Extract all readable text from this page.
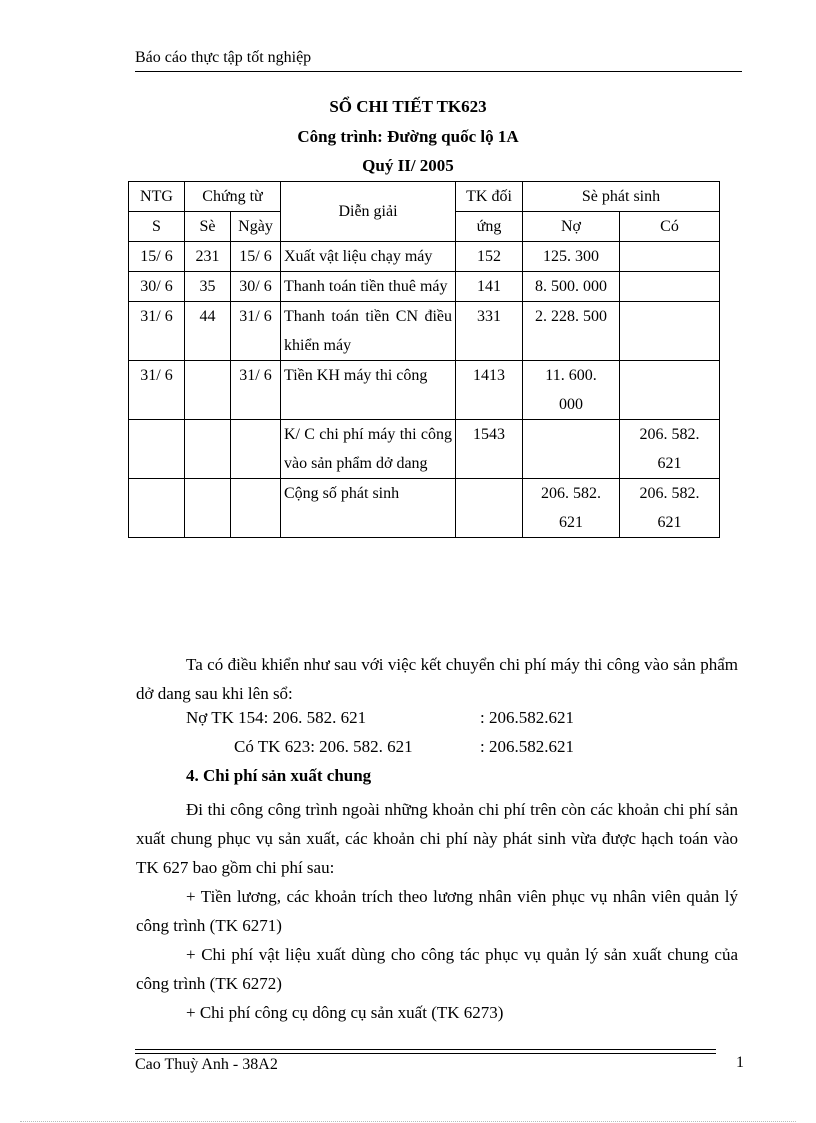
Báo cáo thực tập tốt nghiệp
SỔ CHI TIẾT TK623
Công trình: Đường quốc lộ 1A
Quý II/ 2005
NTG	Chứng từ		Diễn giải	TK đối	Sè phát sinh	
S	Sè	Ngày		ứng	Nợ	Có
15/ 6	231	15/ 6	Xuất vật liệu chạy máy	152	125. 300	
30/ 6	35	30/ 6	Thanh toán tiền thuê máy	141	8. 500. 000	
31/ 6	44	31/ 6	Thanh toán tiền CN điều khiển máy	331	2. 228. 500	
31/ 6		31/ 6	Tiền KH máy thi công	1413	11. 600. 000	
			K/ C chi phí máy thi công vào sản phẩm dở dang	1543		206. 582. 621
			Cộng số phát sinh		206. 582. 621	206. 582. 621
Ta có điều khiển như sau với việc kết chuyển chi phí máy thi công vào sản phẩm dở dang sau khi lên sổ:
Nợ TK 154: 206. 582. 621	: 206.582.621
Có TK 623: 206. 582. 621	: 206.582.621
4. Chi phí sản xuất chung
Đi thi công công trình ngoài những khoản chi phí trên còn các khoản chi phí sản xuất chung phục vụ sản xuất, các khoản chi phí này phát sinh vừa được hạch toán vào TK 627 bao gồm chi phí sau:
+ Tiền lương, các khoản trích theo lương nhân viên phục vụ nhân viên quản lý công trình (TK 6271)
+ Chi phí vật liệu xuất dùng cho công tác phục vụ quản lý sản xuất chung của công trình (TK 6272)
+ Chi phí công cụ dông cụ sản xuất (TK 6273)
Cao Thuỳ Anh - 38A2	1
